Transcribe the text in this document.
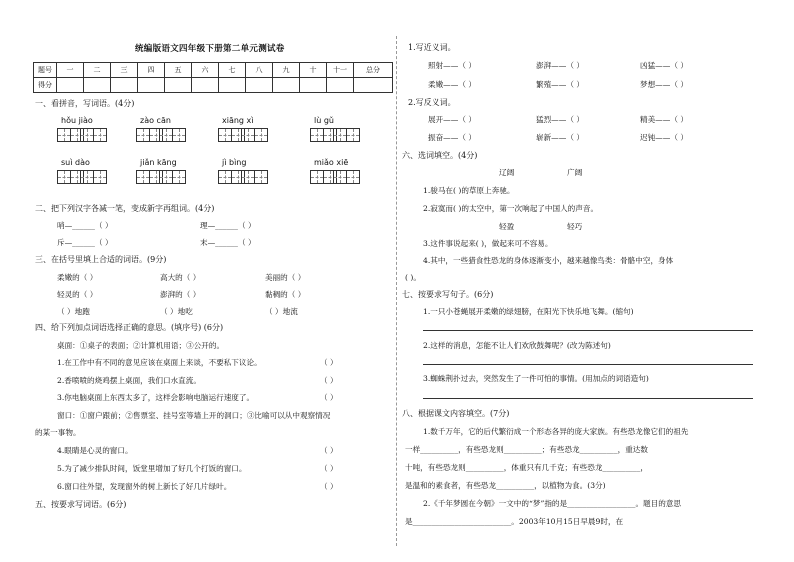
统编版语文四年级下册第二单元测试卷
题号	一	二	三	四	五	六	七	八	九	十	十一	总分
得分												
一、看拼音，写词语。(4分)
hǒu jiào	zào cān	xiāng xì	lù gǔ
suì dào	jiǎn kāng	jì bìng	miǎo xiē
二、把下列汉字各减一笔，变成新字再组词。(4分)
哨—______（ ）	理—______（ ）
斥—______（ ）	末—______（ ）
三、在括号里填上合适的词语。(9分)
柔嫩的（ ）	高大的（ ）	美丽的（ ）
轻灵的（ ）	澎湃的（ ）	黏稠的（ ）
（ ）地跑	（ ）地吃	（ ）地流
四、给下列加点词语选择正确的意思。(填序号) (6分)
桌面：①桌子的表面；②计算机用语；③公开的。
1.在工作中有不同的意见应该在桌面上来谈，不要私下议论。	（ ）
2.香喷喷的烧鸡摆上桌面，我们口水直流。	（ ）
3.你电脑桌面上东西太多了，这样会影响电脑运行速度了。	（ ）
窗口：①窗户跟前；②售票室、挂号室等墙上开的洞口；③比喻可以从中观察情况
的某一事物。
4.眼睛是心灵的窗口。	（ ）
5.为了减少排队时间，饭堂里增加了好几个打饭的窗口。	（ ）
6.窗口往外望，发现窗外的树上新长了好几片绿叶。	（ ）
五、按要求写词语。(6分)
1.写近义词。
照射——（ ）	澎湃——（ ）	凶猛——（ ）
柔嫩——（ ）	繁殖——（ ）	梦想——（ ）
2.写反义词。
展开——（ ）	猛烈——（ ）	精美——（ ）
振奋——（ ）	崭新——（ ）	迟钝——（ ）
六、选词填空。(4分)
辽阔	广阔
1.骏马在( )的草原上奔驰。
2.寂寞而( )的太空中，第一次响起了中国人的声音。
轻盈	轻巧
3.这件事说起来( )，做起来可不容易。
4.其中，一些猎食性恐龙的身体逐渐变小，越来越像鸟类：骨骼中空，身体
( )。
七、按要求写句子。(6分)
1.一只小苍蝇展开柔嫩的绿翅膀，在阳光下快乐地飞舞。(缩句)
2.这样的消息，怎能不让人们欢欣鼓舞呢？(改为陈述句)
3.蜘蛛荆扑过去，突然发生了一件可怕的事情。(用加点的词语造句)
八、根据课文内容填空。(7分)
1.数千万年，它的后代繁衍成一个形态各异的庞大家族。有些恐龙像它们的祖先
一样__________，有些恐龙则__________；有些恐龙__________，重达数
十吨，有些恐龙则__________，体重只有几千克；有些恐龙__________，
是温和的素食者，有些恐龙__________，以植物为食。(3分)
2.《千年梦圆在今朝》一文中的“梦”指的是__________________。题目的意思
是__________________________。2003年10月15日早晨9时，在
